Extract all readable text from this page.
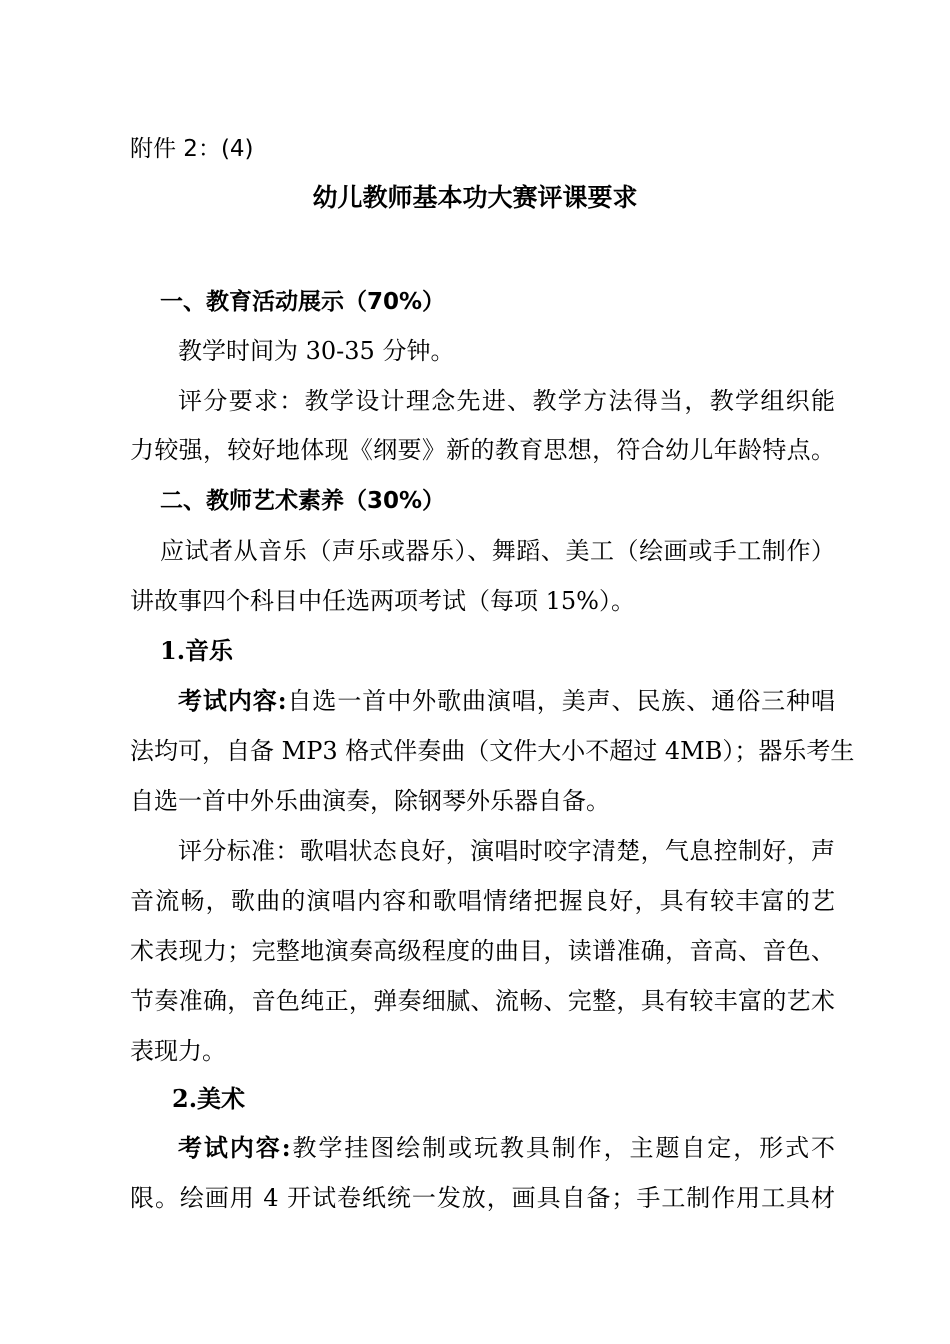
附件 2：(4)
幼儿教师基本功大赛评课要求
一、教育活动展示（70%）
教学时间为 30-35 分钟。
评分要求：教学设计理念先进、教学方法得当，教学组织能
力较强，较好地体现《纲要》新的教育思想，符合幼儿年龄特点。
二、教师艺术素养（30%）
应试者从音乐（声乐或器乐）、舞蹈、美工（绘画或手工制作）
讲故事四个科目中任选两项考试（每项 15%）。
1.音乐
考试内容:自选一首中外歌曲演唱，美声、民族、通俗三种唱
法均可，自备 MP3 格式伴奏曲（文件大小不超过 4MB）；器乐考生
自选一首中外乐曲演奏，除钢琴外乐器自备。
评分标准：歌唱状态良好，演唱时咬字清楚，气息控制好，声
音流畅，歌曲的演唱内容和歌唱情绪把握良好，具有较丰富的艺
术表现力；完整地演奏高级程度的曲目，读谱准确，音高、音色、
节奏准确，音色纯正，弹奏细腻、流畅、完整，具有较丰富的艺术
表现力。
2.美术
考试内容:教学挂图绘制或玩教具制作，主题自定，形式不
限。绘画用 4 开试卷纸统一发放，画具自备；手工制作用工具材
